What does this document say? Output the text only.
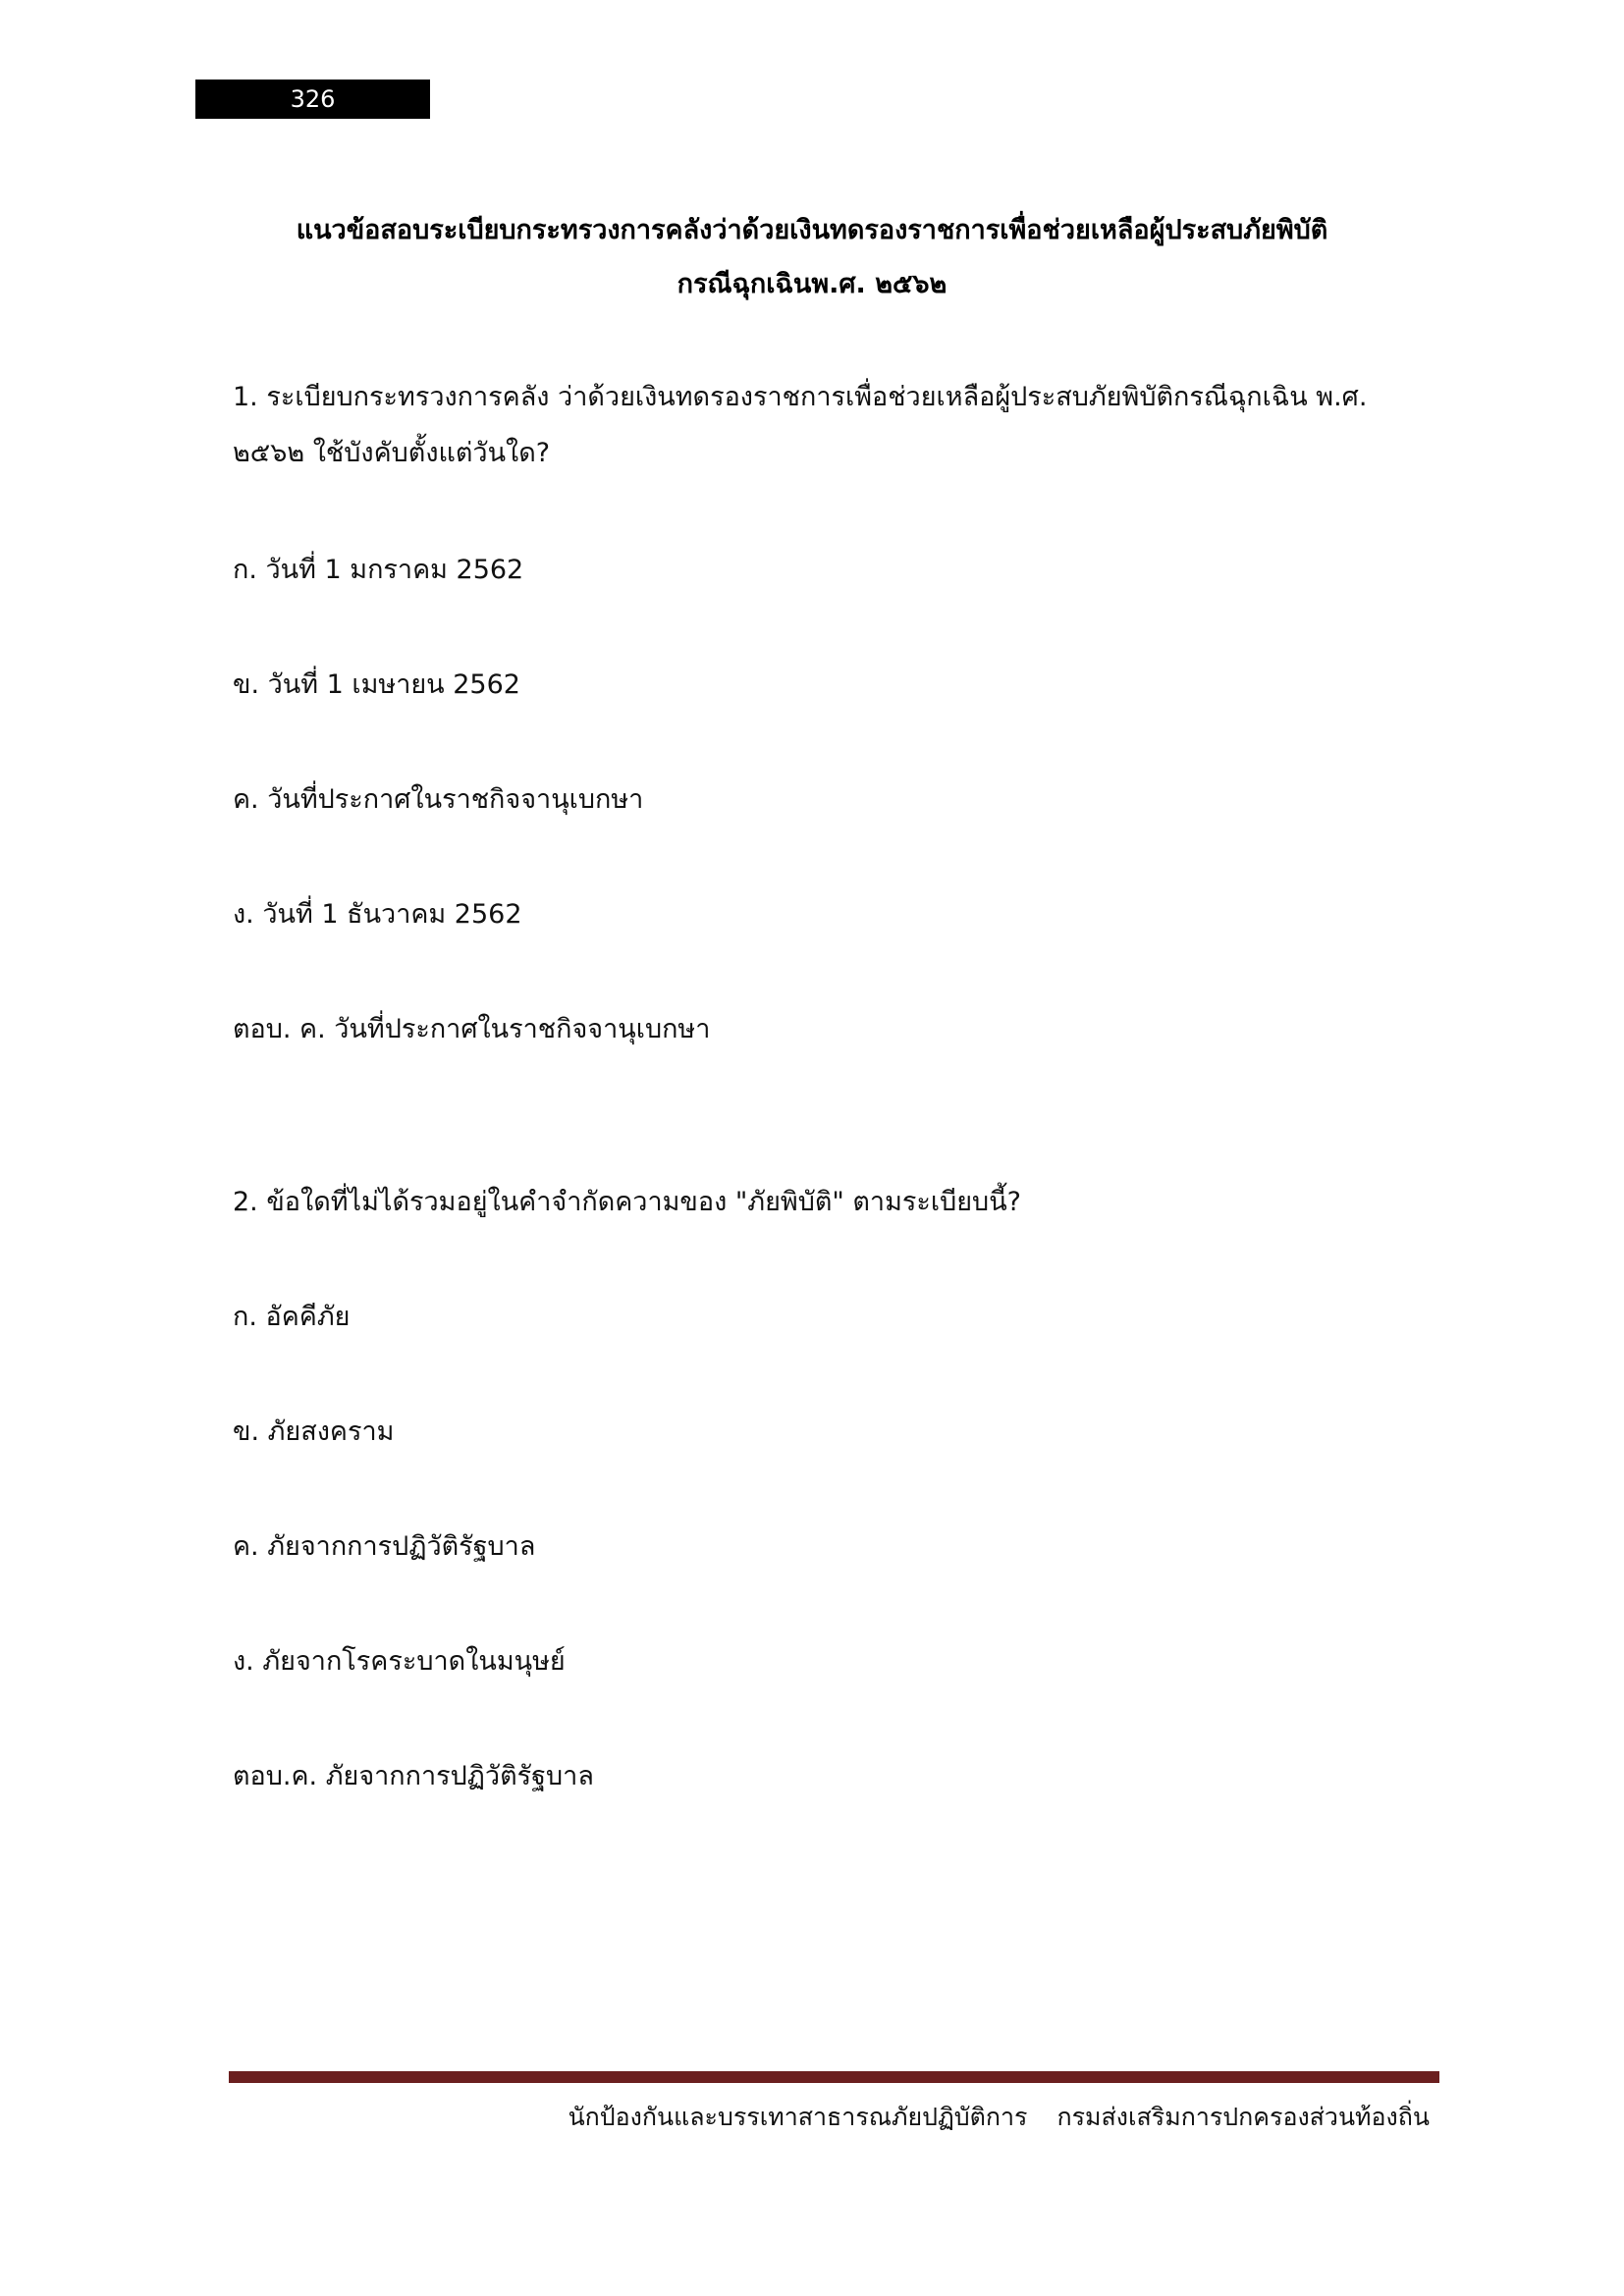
326
แนวข้อสอบระเบียบกระทรวงการคลังว่าด้วยเงินทดรองราชการเพื่อช่วยเหลือผู้ประสบภัยพิบัติ
กรณีฉุกเฉินพ.ศ. ๒๕๖๒
1. ระเบียบกระทรวงการคลัง ว่าด้วยเงินทดรองราชการเพื่อช่วยเหลือผู้ประสบภัยพิบัติกรณีฉุกเฉิน พ.ศ.
๒๕๖๒ ใช้บังคับตั้งแต่วันใด?
ก. วันที่ 1 มกราคม 2562
ข. วันที่ 1 เมษายน 2562
ค. วันที่ประกาศในราชกิจจานุเบกษา
ง. วันที่ 1 ธันวาคม 2562
ตอบ. ค. วันที่ประกาศในราชกิจจานุเบกษา
2. ข้อใดที่ไม่ได้รวมอยู่ในคำจำกัดความของ "ภัยพิบัติ" ตามระเบียบนี้?
ก. อัคคีภัย
ข. ภัยสงคราม
ค. ภัยจากการปฏิวัติรัฐบาล
ง. ภัยจากโรคระบาดในมนุษย์
ตอบ.ค. ภัยจากการปฏิวัติรัฐบาล
นักป้องกันและบรรเทาสาธารณภัยปฏิบัติการ กรมส่งเสริมการปกครองส่วนท้องถิ่น
